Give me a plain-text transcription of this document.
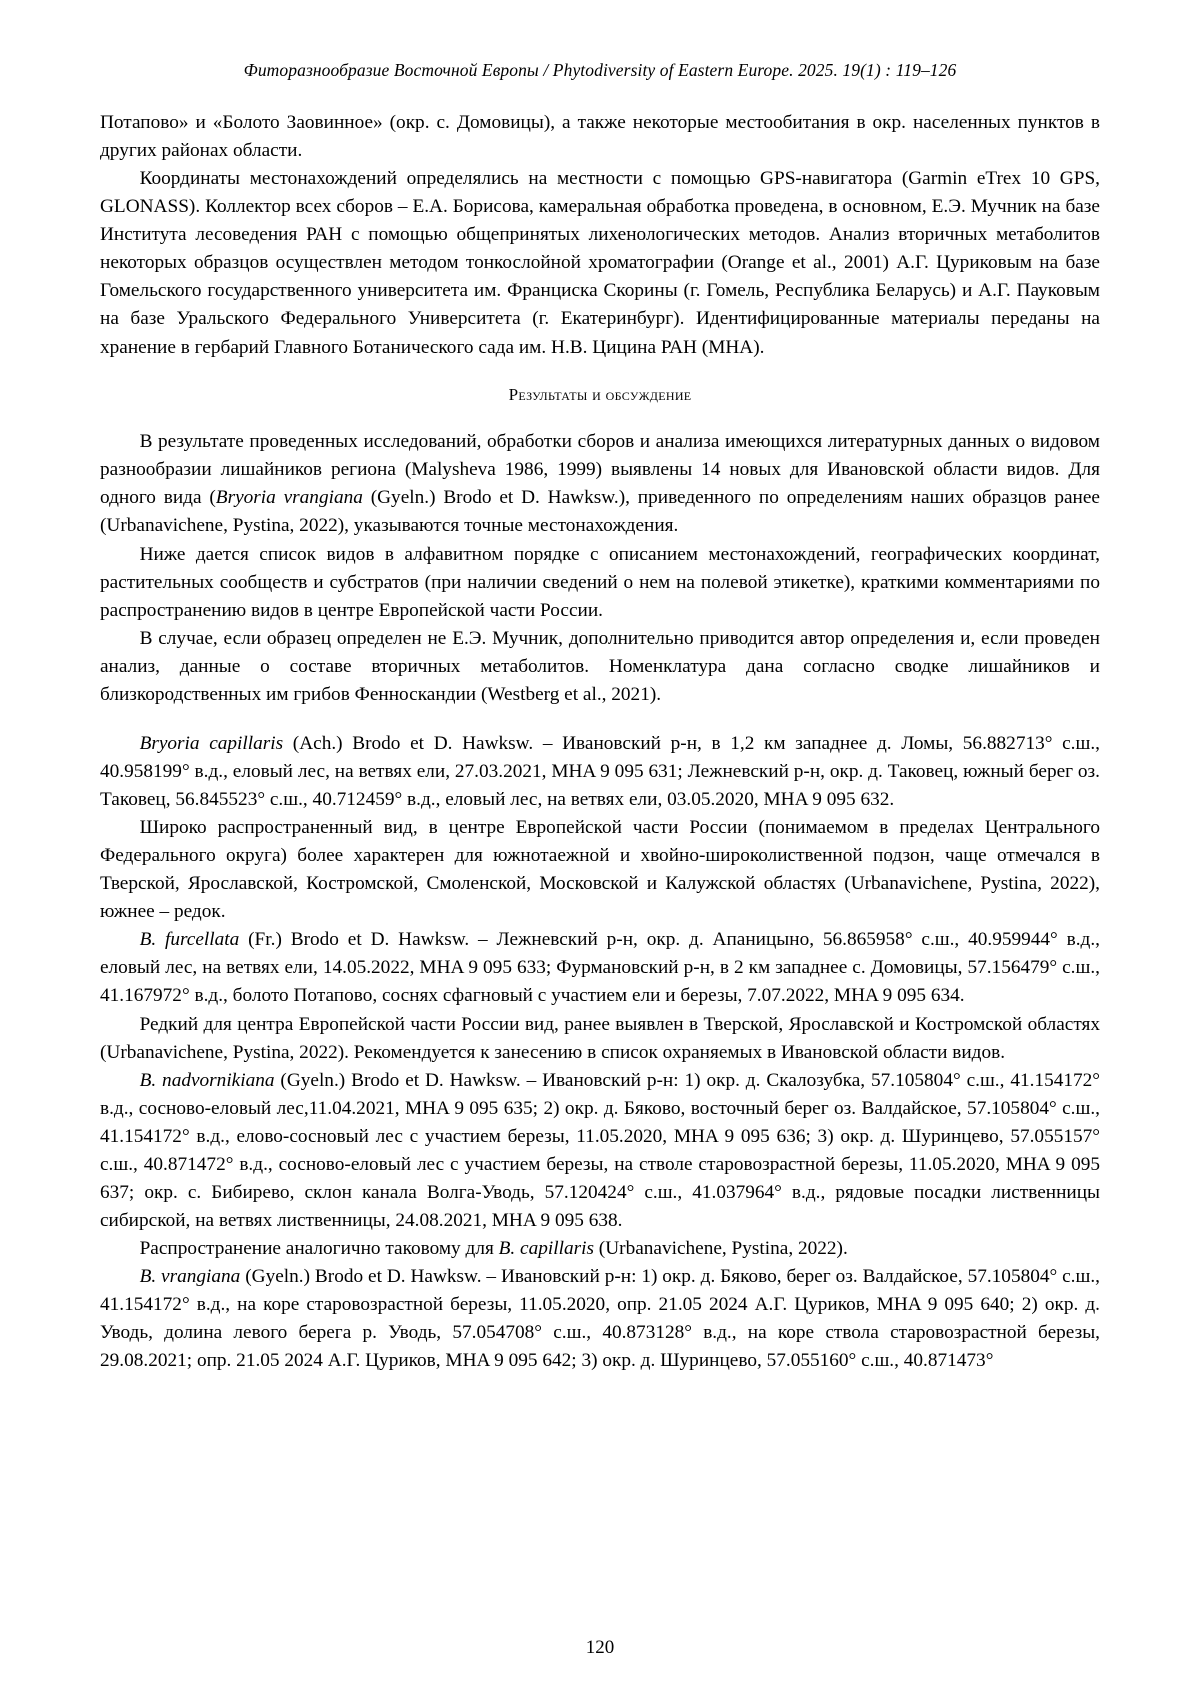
Фиторазнообразие Восточной Европы / Phytodiversity of Eastern Europe. 2025. 19(1) : 119–126

Потапово» и «Болото Заовинное» (окр. с. Домовицы), а также некоторые местообитания в окр. населенных пунктов в других районах области.

Координаты местонахождений определялись на местности с помощью GPS-навигатора (Garmin eTrex 10 GPS, GLONASS). Коллектор всех сборов – Е.А. Борисова, камеральная обработка проведена, в основном, Е.Э. Мучник на базе Института лесоведения РАН с помощью общепринятых лихенологических методов. Анализ вторичных метаболитов некоторых образцов осуществлен методом тонкослойной хроматографии (Orange et al., 2001) А.Г. Цуриковым на базе Гомельского государственного университета им. Франциска Скорины (г. Гомель, Республика Беларусь) и А.Г. Пауковым на базе Уральского Федерального Университета (г. Екатеринбург). Идентифицированные материалы переданы на хранение в гербарий Главного Ботанического сада им. Н.В. Цицина РАН (MHA).

Результаты и обсуждение

В результате проведенных исследований, обработки сборов и анализа имеющихся литературных данных о видовом разнообразии лишайников региона (Malysheva 1986, 1999) выявлены 14 новых для Ивановской области видов. Для одного вида (Bryoria vrangiana (Gyeln.) Brodo et D. Hawksw.), приведенного по определениям наших образцов ранее (Urbanavichene, Pystina, 2022), указываются точные местонахождения.

Ниже дается список видов в алфавитном порядке с описанием местонахождений, географических координат, растительных сообществ и субстратов (при наличии сведений о нем на полевой этикетке), краткими комментариями по распространению видов в центре Европейской части России.

В случае, если образец определен не Е.Э. Мучник, дополнительно приводится автор определения и, если проведен анализ, данные о составе вторичных метаболитов. Номенклатура дана согласно сводке лишайников и близкородственных им грибов Фенноскандии (Westberg et al., 2021).

Bryoria capillaris (Ach.) Brodo et D. Hawksw. – Ивановский р-н, в 1,2 км западнее д. Ломы, 56.882713° с.ш., 40.958199° в.д., еловый лес, на ветвях ели, 27.03.2021, MHA 9 095 631; Лежневский р-н, окр. д. Таковец, южный берег оз. Таковец, 56.845523° с.ш., 40.712459° в.д., еловый лес, на ветвях ели, 03.05.2020, MHA 9 095 632.

Широко распространенный вид, в центре Европейской части России (понимаемом в пределах Центрального Федерального округа) более характерен для южнотаежной и хвойно-широколиственной подзон, чаще отмечался в Тверской, Ярославской, Костромской, Смоленской, Московской и Калужской областях (Urbanavichene, Pystina, 2022), южнее – редок.

B. furcellata (Fr.) Brodo et D. Hawksw. – Лежневский р-н, окр. д. Апаницыно, 56.865958° с.ш., 40.959944° в.д., еловый лес, на ветвях ели, 14.05.2022, MHA 9 095 633; Фурмановский р-н, в 2 км западнее с. Домовицы, 57.156479° с.ш., 41.167972° в.д., болото Потапово, соснях сфагновый с участием ели и березы, 7.07.2022, MHA 9 095 634.

Редкий для центра Европейской части России вид, ранее выявлен в Тверской, Ярославской и Костромской областях (Urbanavichene, Pystina, 2022). Рекомендуется к занесению в список охраняемых в Ивановской области видов.

B. nadvornikiana (Gyeln.) Brodo et D. Hawksw. – Ивановский р-н: 1) окр. д. Скалозубка, 57.105804° с.ш., 41.154172° в.д., сосново-еловый лес,11.04.2021, MHA 9 095 635; 2) окр. д. Бяково, восточный берег оз. Валдайское, 57.105804° с.ш., 41.154172° в.д., елово-сосновый лес с участием березы, 11.05.2020, MHA 9 095 636; 3) окр. д. Шуринцево, 57.055157° с.ш., 40.871472° в.д., сосново-еловый лес с участием березы, на стволе старовозрастной березы, 11.05.2020, MHA 9 095 637; окр. с. Бибирево, склон канала Волга-Уводь, 57.120424° с.ш., 41.037964° в.д., рядовые посадки лиственницы сибирской, на ветвях лиственницы, 24.08.2021, MHA 9 095 638.

Распространение аналогично таковому для B. capillaris (Urbanavichene, Pystina, 2022).

B. vrangiana (Gyeln.) Brodo et D. Hawksw. – Ивановский р-н: 1) окр. д. Бяково, берег оз. Валдайское, 57.105804° с.ш., 41.154172° в.д., на коре старовозрастной березы, 11.05.2020, опр. 21.05 2024 А.Г. Цуриков, MHA 9 095 640; 2) окр. д. Уводь, долина левого берега р. Уводь, 57.054708° с.ш., 40.873128° в.д., на коре ствола старовозрастной березы, 29.08.2021; опр. 21.05 2024 А.Г. Цуриков, MHA 9 095 642; 3) окр. д. Шуринцево, 57.055160° с.ш., 40.871473°

120
